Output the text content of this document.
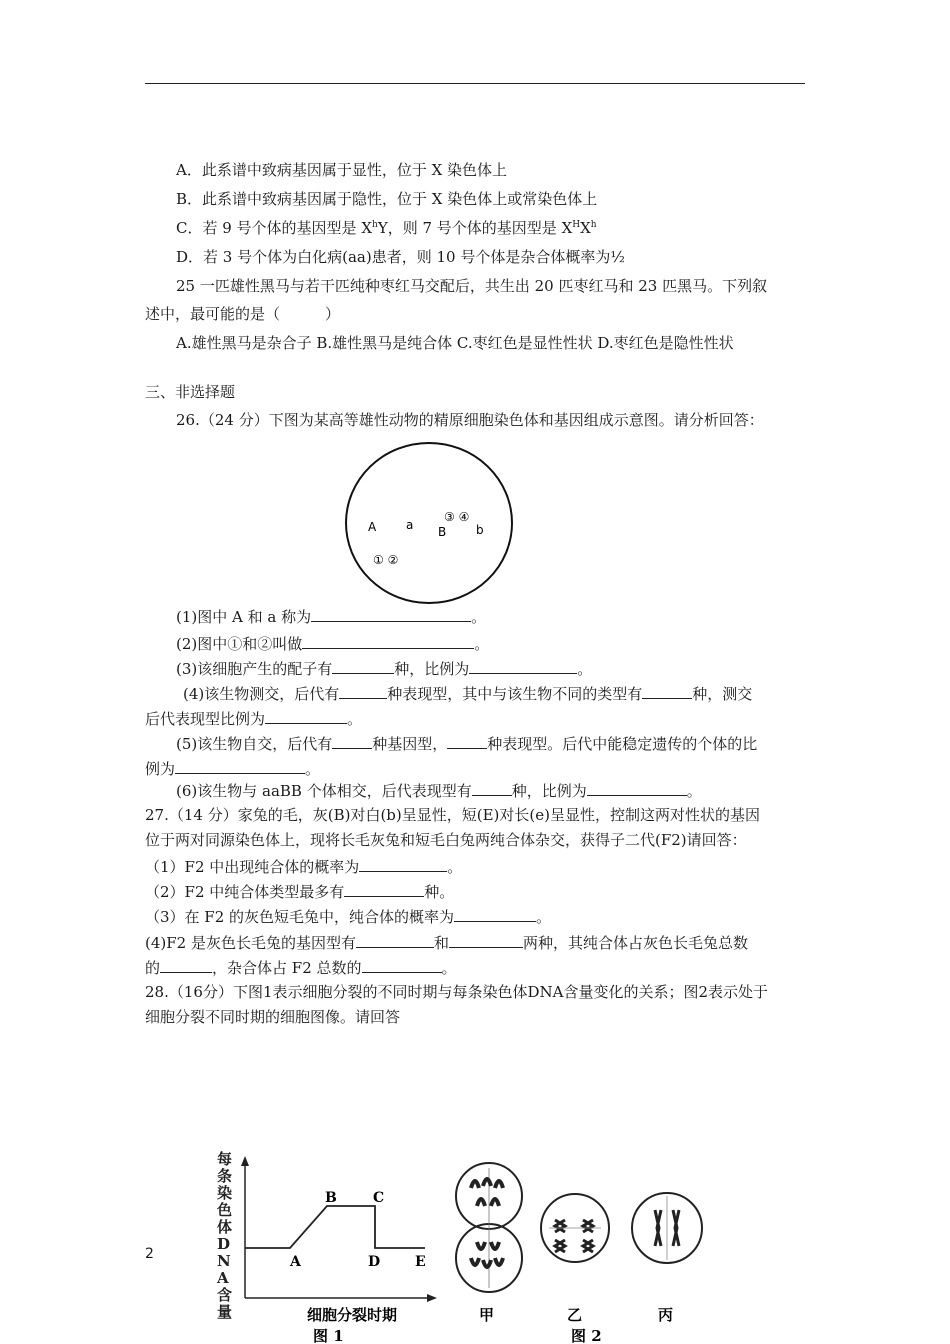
A．此系谱中致病基因属于显性，位于 X 染色体上
B．此系谱中致病基因属于隐性，位于 X 染色体上或常染色体上
C．若 9 号个体的基因型是 $X^hY$，则 7 号个体的基因型是 $X^HX^h$
D．若 3 号个体为白化病(aa)患者，则 10 号个体是杂合体概率为½
25 一匹雄性黑马与若干匹纯种枣红马交配后，共生出 20 匹枣红马和 23 匹黑马。下列叙
述中，最可能的是（　　　）
A.雄性黑马是杂合子 B.雄性黑马是纯合体 C.枣红色是显性性状 D.枣红色是隐性性状
三、非选择题
26.（24 分）下图为某高等雄性动物的精原细胞染色体和基因组成示意图。请分析回答：
A a B b
③ ④
① ②
(1)图中 A 和 a 称为	。
(2)图中①和②叫做	。
(3)该细胞产生的配子有	种，比例为	。
(4)该生物测交，后代有	种表现型，其中与该生物不同的类型有	种，测交
后代表现型比例为	。
(5)该生物自交，后代有	种基因型，	种表现型。后代中能稳定遗传的个体的比
例为	。
(6)该生物与 aaBB 个体相交，后代表现型有	种，比例为	。
27.（14 分）家兔的毛，灰(B)对白(b)呈显性，短(E)对长(e)呈显性，控制这两对性状的基因
位于两对同源染色体上，现将长毛灰兔和短毛白兔两纯合体杂交，获得子二代(F2)请回答：
（1）F2 中出现纯合体的概率为	。
（2）F2 中纯合体类型最多有	种。
（3）在 F2 的灰色短毛兔中，纯合体的概率为	。
(4)F2 是灰色长毛兔的基因型有	和	两种，其纯合体占灰色长毛兔总数
的	，杂合体占 F2 总数的	。
28.（16分）下图1表示细胞分裂的不同时期与每条染色体DNA含量变化的关系；图2表示处于
细胞分裂不同时期的细胞图像。请回答
每条染色体 D N A 含量
A
B	C
D E
细胞分裂时期
图 1
甲	乙	丙
图 2
2
